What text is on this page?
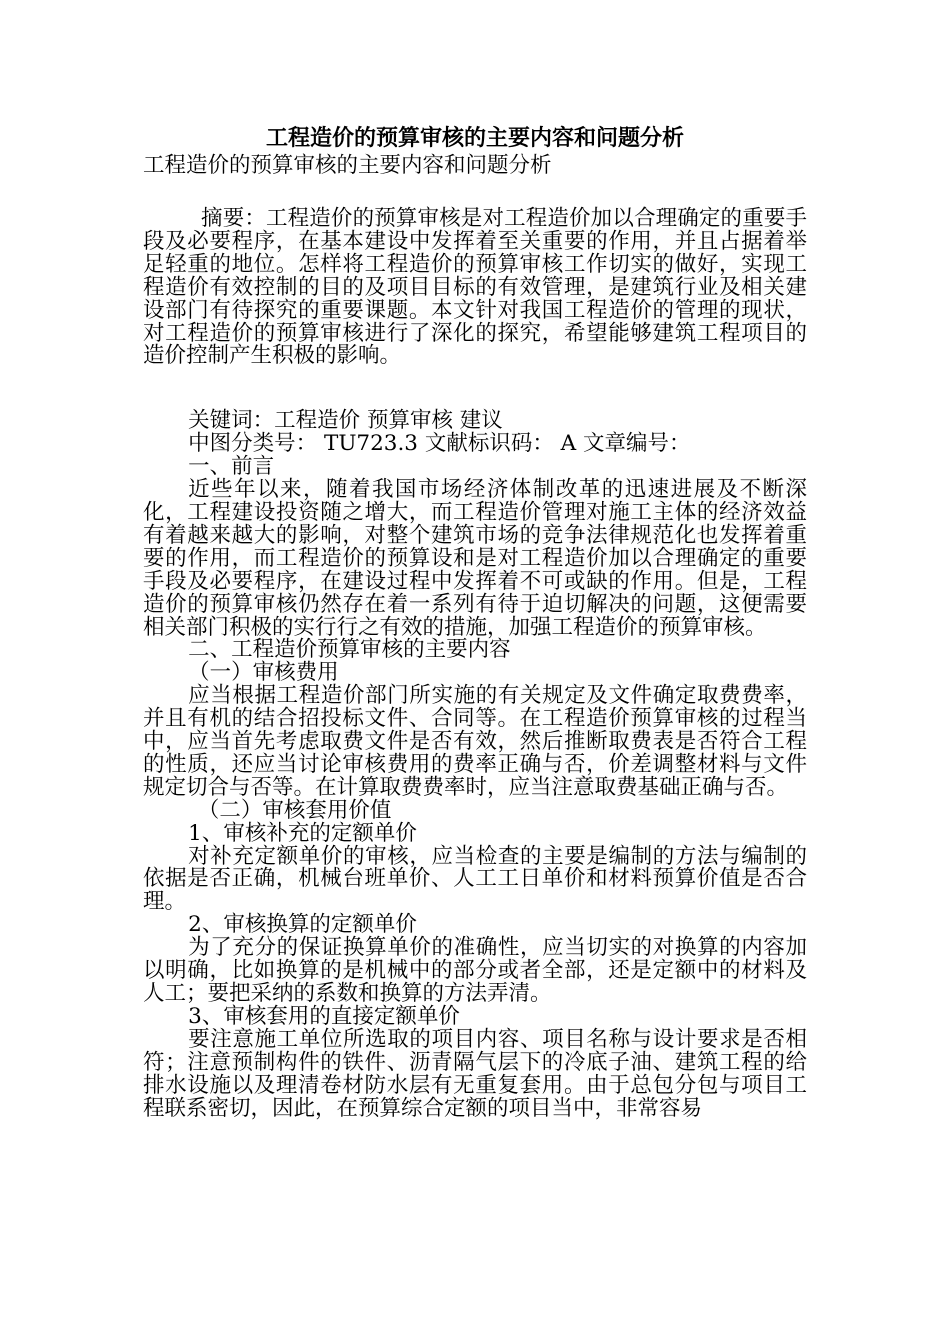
工程造价的预算审核的主要内容和问题分析

工程造价的预算审核的主要内容和问题分析

摘要：工程造价的预算审核是对工程造价加以合理确定的重要手段及必要程序，在基本建设中发挥着至关重要的作用，并且占据着举足轻重的地位。怎样将工程造价的预算审核工作切实的做好，实现工程造价有效控制的目的及项目目标的有效管理，是建筑行业及相关建设部门有待探究的重要课题。本文针对我国工程造价的管理的现状，对工程造价的预算审核进行了深化的探究，希望能够建筑工程项目的造价控制产生积极的影响。

关键词：工程造价 预算审核 建议

中图分类号： TU723.3 文献标识码： A 文章编号：

一、前言

近些年以来，随着我国市场经济体制改革的迅速进展及不断深化，工程建设投资随之增大，而工程造价管理对施工主体的经济效益有着越来越大的影响，对整个建筑市场的竞争法律规范化也发挥着重要的作用，而工程造价的预算设和是对工程造价加以合理确定的重要手段及必要程序，在建设过程中发挥着不可或缺的作用。但是，工程造价的预算审核仍然存在着一系列有待于迫切解决的问题，这便需要相关部门积极的实行行之有效的措施，加强工程造价的预算审核。

二、工程造价预算审核的主要内容

（一）审核费用

应当根据工程造价部门所实施的有关规定及文件确定取费费率，并且有机的结合招投标文件、合同等。在工程造价预算审核的过程当中，应当首先考虑取费文件是否有效，然后推断取费表是否符合工程的性质，还应当讨论审核费用的费率正确与否，价差调整材料与文件规定切合与否等。在计算取费费率时，应当注意取费基础正确与否。

（二）审核套用价值

1、审核补充的定额单价

对补充定额单价的审核，应当检查的主要是编制的方法与编制的依据是否正确，机械台班单价、人工工日单价和材料预算价值是否合理。

2、审核换算的定额单价

为了充分的保证换算单价的准确性，应当切实的对换算的内容加以明确，比如换算的是机械中的部分或者全部，还是定额中的材料及人工；要把采纳的系数和换算的方法弄清。

3、审核套用的直接定额单价

要注意施工单位所选取的项目内容、项目名称与设计要求是否相符；注意预制构件的铁件、沥青隔气层下的冷底子油、建筑工程的给排水设施以及理清卷材防水层有无重复套用。由于总包分包与项目工程联系密切，因此，在预算综合定额的项目当中，非常容易
